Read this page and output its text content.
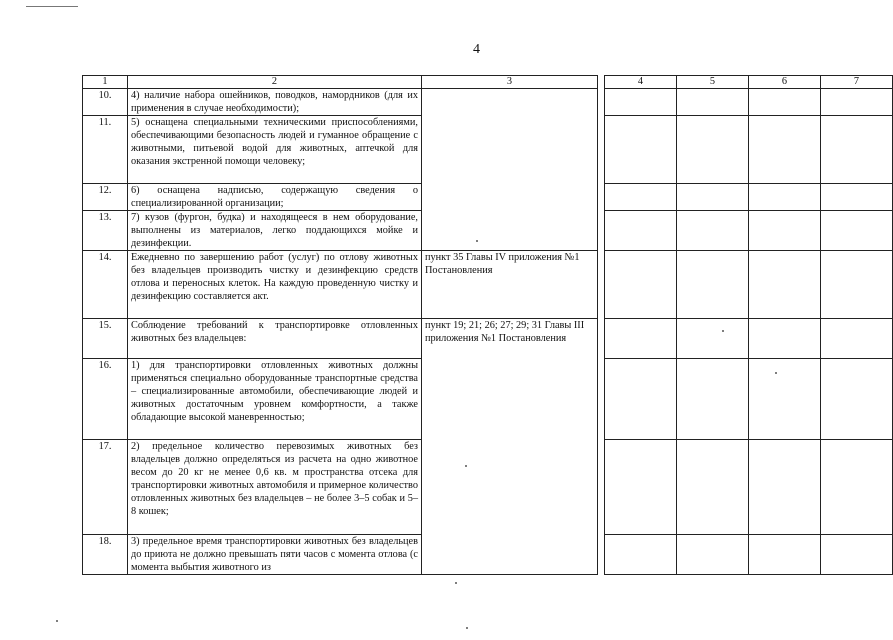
4
1	2	3		4	5	6	7
10.	4) наличие набора ошейников, поводков, намордников (для их применения в случае необходимости);						
11.	5) оснащена специальными техническими приспособлениями, обеспечивающими безопасность людей и гуманное обращение с животными, питьевой водой для животных, аптечкой для оказания экстренной помощи человеку;						
12.	6) оснащена надписью, содержащую сведения о специализированной организации;						
13.	7) кузов (фургон, будка) и находящееся в нем оборудование, выполнены из материалов, легко поддающихся мойке и дезинфекции.						
14.	Ежедневно по завершению работ (услуг) по отлову животных без владельцев производить чистку и дезинфекцию средств отлова и переносных клеток. На каждую проведенную чистку и дезинфекцию составляется акт.	пункт 35 Главы IV приложения №1 Постановления					
15.	Соблюдение требований к транспортировке отловленных животных без владельцев:	пункт 19; 21; 26; 27; 29; 31 Главы III приложения №1 Постановления					
16.	1) для транспортировки отловленных животных должны применяться специально оборудованные транспортные средства – специализированные автомобили, обеспечивающие людей и животных достаточным уровнем комфортности, а также обладающие высокой маневренностью;						
17.	2) предельное количество перевозимых животных без владельцев должно определяться из расчета на одно животное весом до 20 кг не менее 0,6 кв. м пространства отсека для транспортировки животных автомобиля и примерное количество отловленных животных без владельцев – не более 3–5 собак и 5–8 кошек;						
18.	3) предельное время транспортировки животных без владельцев до приюта не должно превышать пяти часов с момента отлова (с момента выбытия животного из						
